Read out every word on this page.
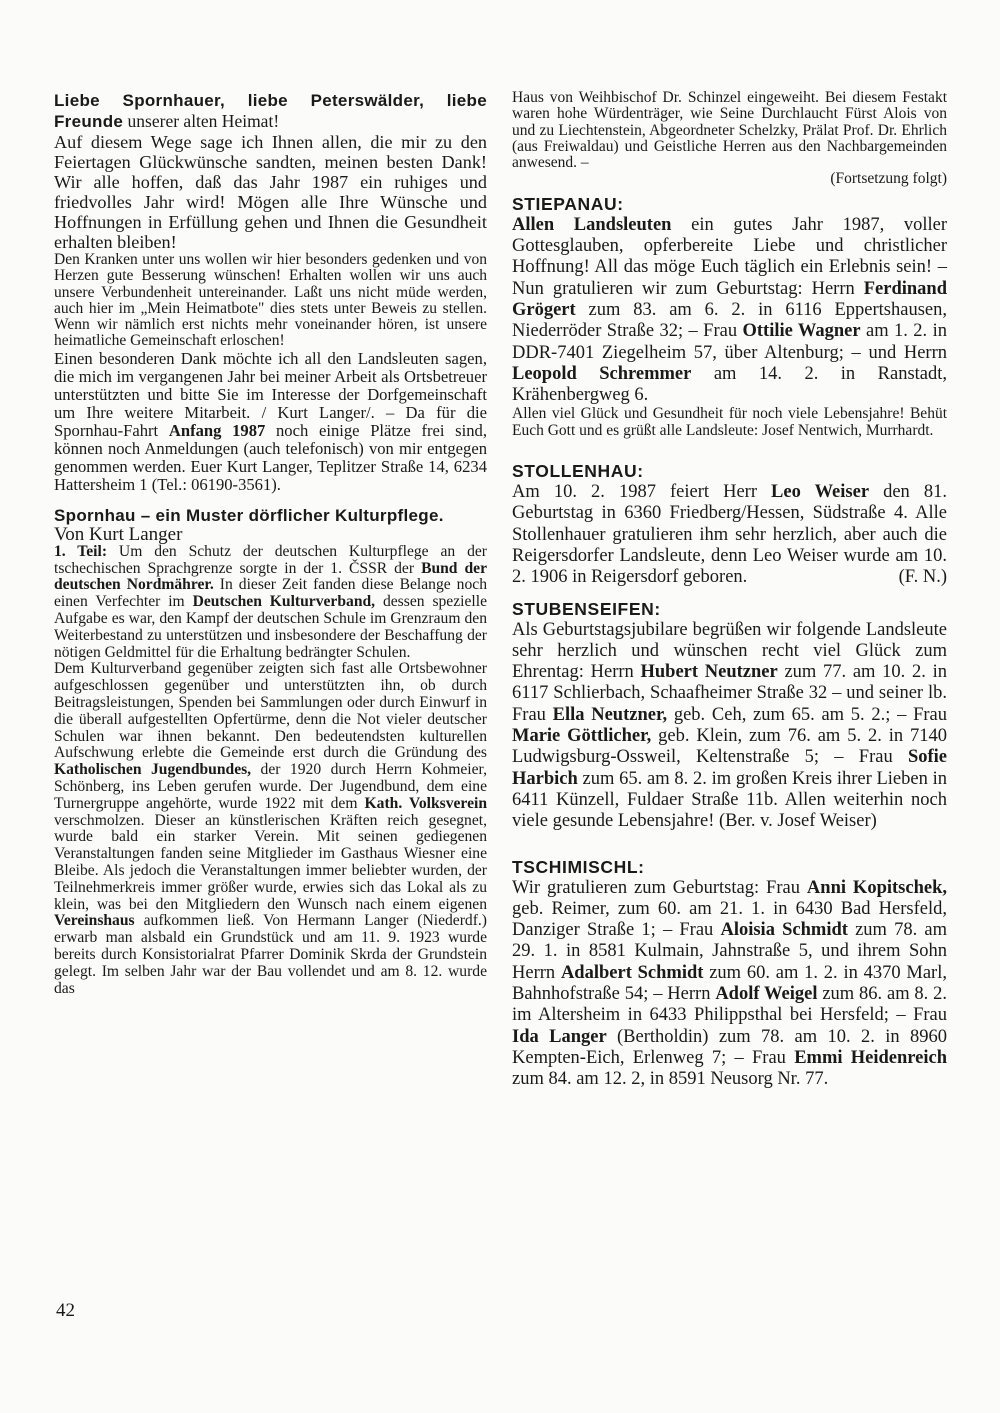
Liebe Spornhauer, liebe Peterswälder, liebe Freunde unserer alten Heimat!

Auf diesem Wege sage ich Ihnen allen, die mir zu den Feiertagen Glückwünsche sandten, meinen besten Dank! Wir alle hoffen, daß das Jahr 1987 ein ruhiges und friedvolles Jahr wird! Mögen alle Ihre Wünsche und Hoffnungen in Erfüllung gehen und Ihnen die Gesundheit erhalten bleiben!

Den Kranken unter uns wollen wir hier besonders gedenken und von Herzen gute Besserung wünschen! Erhalten wollen wir uns auch unsere Verbundenheit untereinander. Laßt uns nicht müde werden, auch hier im „Mein Heimatbote" dies stets unter Beweis zu stellen. Wenn wir nämlich erst nichts mehr voneinander hören, ist unsere heimatliche Gemeinschaft erloschen!

Einen besonderen Dank möchte ich all den Landsleuten sagen, die mich im vergangenen Jahr bei meiner Arbeit als Ortsbetreuer unterstützten und bitte Sie im Interesse der Dorfgemeinschaft um Ihre weitere Mitarbeit. / Kurt Langer/. – Da für die Spornhau-Fahrt Anfang 1987 noch einige Plätze frei sind, können noch Anmeldungen (auch telefonisch) von mir entgegen genommen werden. Euer Kurt Langer, Teplitzer Straße 14, 6234 Hattersheim 1 (Tel.: 06190-3561).

Spornhau – ein Muster dörflicher Kulturpflege.

Von Kurt Langer

1. Teil: Um den Schutz der deutschen Kulturpflege an der tschechischen Sprachgrenze sorgte in der 1. ČSSR der Bund der deutschen Nordmährer. In dieser Zeit fanden diese Belange noch einen Verfechter im Deutschen Kulturverband, dessen spezielle Aufgabe es war, den Kampf der deutschen Schule im Grenzraum den Weiterbestand zu unterstützen und insbesondere der Beschaffung der nötigen Geldmittel für die Erhaltung bedrängter Schulen.

Dem Kulturverband gegenüber zeigten sich fast alle Ortsbewohner aufgeschlossen gegenüber und unterstützten ihn, ob durch Beitragsleistungen, Spenden bei Sammlungen oder durch Einwurf in die überall aufgestellten Opfertürme, denn die Not vieler deutscher Schulen war ihnen bekannt. Den bedeutendsten kulturellen Aufschwung erlebte die Gemeinde erst durch die Gründung des Katholischen Jugendbundes, der 1920 durch Herrn Kohmeier, Schönberg, ins Leben gerufen wurde. Der Jugendbund, dem eine Turnergruppe angehörte, wurde 1922 mit dem Kath. Volksverein verschmolzen. Dieser an künstlerischen Kräften reich gesegnet, wurde bald ein starker Verein. Mit seinen gediegenen Veranstaltungen fanden seine Mitglieder im Gasthaus Wiesner eine Bleibe. Als jedoch die Veranstaltungen immer beliebter wurden, der Teilnehmerkreis immer größer wurde, erwies sich das Lokal als zu klein, was bei den Mitgliedern den Wunsch nach einem eigenen Vereinshaus aufkommen ließ. Von Hermann Langer (Niederdf.) erwarb man alsbald ein Grundstück und am 11. 9. 1923 wurde bereits durch Konsistorialrat Pfarrer Dominik Skrda der Grundstein gelegt. Im selben Jahr war der Bau vollendet und am 8. 12. wurde das

Haus von Weihbischof Dr. Schinzel eingeweiht. Bei diesem Festakt waren hohe Würdenträger, wie Seine Durchlaucht Fürst Alois von und zu Liechtenstein, Abgeordneter Schelzky, Prälat Prof. Dr. Ehrlich (aus Freiwaldau) und Geistliche Herren aus den Nachbargemeinden anwesend. –

(Fortsetzung folgt)

STIEPANAU:

Allen Landsleuten ein gutes Jahr 1987, voller Gottesglauben, opferbereite Liebe und christlicher Hoffnung! All das möge Euch täglich ein Erlebnis sein! – Nun gratulieren wir zum Geburtstag: Herrn Ferdinand Grögert zum 83. am 6. 2. in 6116 Eppertshausen, Niederröder Straße 32; – Frau Ottilie Wagner am 1. 2. in DDR-7401 Ziegelheim 57, über Altenburg; – und Herrn Leopold Schremmer am 14. 2. in Ranstadt, Krähenbergweg 6.

Allen viel Glück und Gesundheit für noch viele Lebensjahre! Behüt Euch Gott und es grüßt alle Landsleute: Josef Nentwich, Murrhardt.

STOLLENHAU:

Am 10. 2. 1987 feiert Herr Leo Weiser den 81. Geburtstag in 6360 Friedberg/Hessen, Südstraße 4. Alle Stollenhauer gratulieren ihm sehr herzlich, aber auch die Reigersdorfer Landsleute, denn Leo Weiser wurde am 10. 2. 1906 in Reigersdorf geboren.	(F. N.)

STUBENSEIFEN:

Als Geburtstagsjubilare begrüßen wir folgende Landsleute sehr herzlich und wünschen recht viel Glück zum Ehrentag: Herrn Hubert Neutzner zum 77. am 10. 2. in 6117 Schlierbach, Schaafheimer Straße 32 – und seiner lb. Frau Ella Neutzner, geb. Ceh, zum 65. am 5. 2.; – Frau Marie Göttlicher, geb. Klein, zum 76. am 5. 2. in 7140 Ludwigsburg-Ossweil, Keltenstraße 5; – Frau Sofie Harbich zum 65. am 8. 2. im großen Kreis ihrer Lieben in 6411 Künzell, Fuldaer Straße 11b. Allen weiterhin noch viele gesunde Lebensjahre! (Ber. v. Josef Weiser)

TSCHIMISCHL:

Wir gratulieren zum Geburtstag: Frau Anni Kopitschek, geb. Reimer, zum 60. am 21. 1. in 6430 Bad Hersfeld, Danziger Straße 1; – Frau Aloisia Schmidt zum 78. am 29. 1. in 8581 Kulmain, Jahnstraße 5, und ihrem Sohn Herrn Adalbert Schmidt zum 60. am 1. 2. in 4370 Marl, Bahnhofstraße 54; – Herrn Adolf Weigel zum 86. am 8. 2. im Altersheim in 6433 Philippsthal bei Hersfeld; – Frau Ida Langer (Bertholdin) zum 78. am 10. 2. in 8960 Kempten-Eich, Erlenweg 7; – Frau Emmi Heidenreich zum 84. am 12. 2, in 8591 Neusorg Nr. 77.

42
